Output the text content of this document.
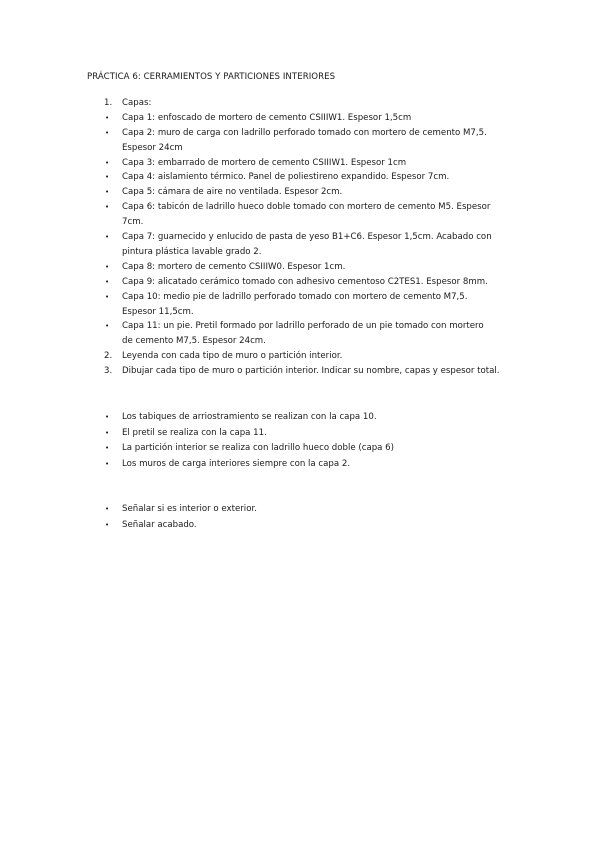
PRÁCTICA 6: CERRAMIENTOS Y PARTICIONES INTERIORES
1.	Capas:
•	Capa 1: enfoscado de mortero de cemento CSIIIW1. Espesor 1,5cm
•	Capa 2: muro de carga con ladrillo perforado tomado con mortero de cemento M7,5.
Espesor 24cm
•	Capa 3: embarrado de mortero de cemento CSIIIW1. Espesor 1cm
•	Capa 4: aislamiento térmico. Panel de poliestireno expandido. Espesor 7cm.
•	Capa 5: cámara de aire no ventilada. Espesor 2cm.
•	Capa 6: tabicón de ladrillo hueco doble tomado con mortero de cemento M5. Espesor
7cm.
•	Capa 7: guarnecido y enlucido de pasta de yeso B1+C6. Espesor 1,5cm. Acabado con
pintura plástica lavable grado 2.
•	Capa 8: mortero de cemento CSIIIW0. Espesor 1cm.
•	Capa 9: alicatado cerámico tomado con adhesivo cementoso C2TES1. Espesor 8mm.
•	Capa 10: medio pie de ladrillo perforado tomado con mortero de cemento M7,5.
Espesor 11,5cm.
•	Capa 11: un pie. Pretil formado por ladrillo perforado de un pie tomado con mortero
de cemento M7,5. Espesor 24cm.
2.	Leyenda con cada tipo de muro o partición interior.
3.	Dibujar cada tipo de muro o partición interior. Indicar su nombre, capas y espesor total.
•	Los tabiques de arriostramiento se realizan con la capa 10.
•	El pretil se realiza con la capa 11.
•	La partición interior se realiza con ladrillo hueco doble (capa 6)
•	Los muros de carga interiores siempre con la capa 2.
•	Señalar si es interior o exterior.
•	Señalar acabado.
